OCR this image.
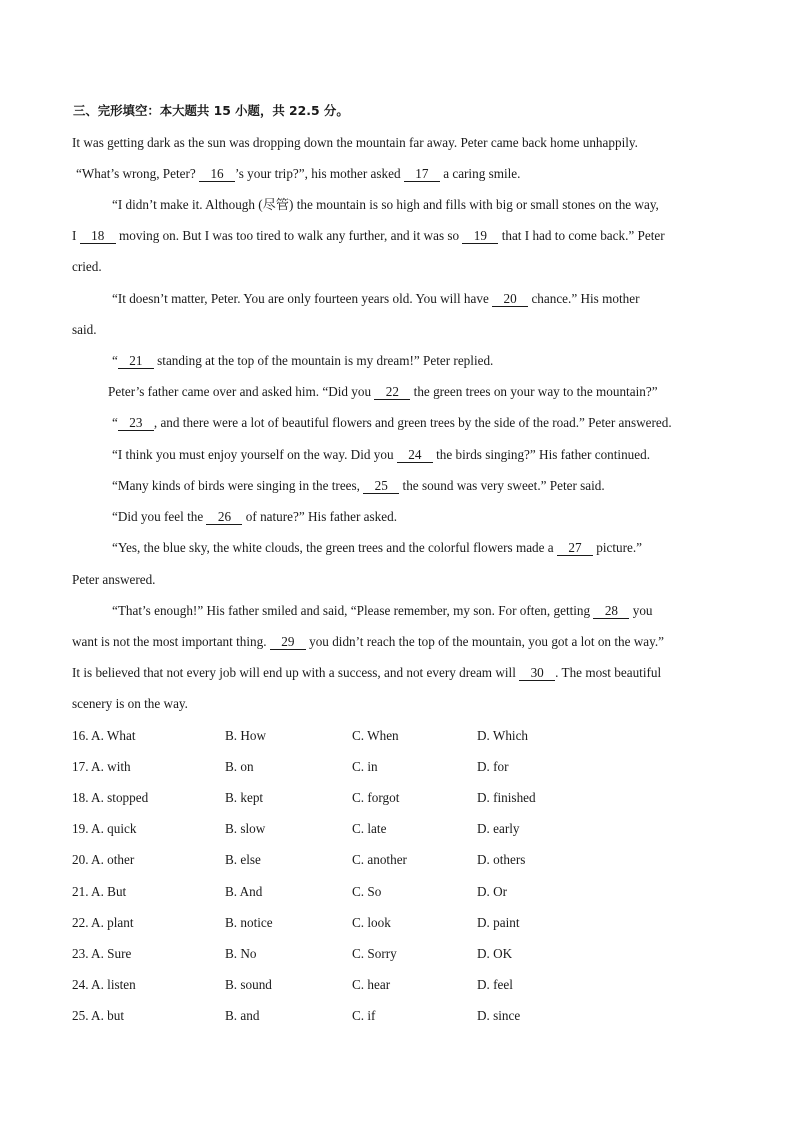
三、完形填空：本大题共 15 小题，共 22.5 分。
It was getting dark as the sun was dropping down the mountain far away. Peter came back home unhappily.
“What’s wrong, Peter? 16 ’s your trip?”, his mother asked 17 a caring smile.
“I didn’t make it. Although (尽管) the mountain is so high and fills with big or small stones on the way,
I 18 moving on. But I was too tired to walk any further, and it was so 19 that I had to come back.” Peter
cried.
“It doesn’t matter, Peter. You are only fourteen years old. You will have 20 chance.” His mother
said.
“ 21 standing at the top of the mountain is my dream!” Peter replied.
Peter’s father came over and asked him. “Did you 22 the green trees on your way to the mountain?”
“ 23 , and there were a lot of beautiful flowers and green trees by the side of the road.” Peter answered.
“I think you must enjoy yourself on the way. Did you 24 the birds singing?” His father continued.
“Many kinds of birds were singing in the trees, 25 the sound was very sweet.” Peter said.
“Did you feel the 26 of nature?” His father asked.
“Yes, the blue sky, the white clouds, the green trees and the colorful flowers made a 27 picture.”
Peter answered.
“That’s enough!” His father smiled and said, “Please remember, my son. For often, getting 28 you
want is not the most important thing. 29 you didn’t reach the top of the mountain, you got a lot on the way.”
It is believed that not every job will end up with a success, and not every dream will 30 . The most beautiful
scenery is on the way.
16. A. What	B. How	C. When	D. Which
17. A. with	B. on	C. in	D. for
18. A. stopped	B. kept	C. forgot	D. finished
19. A. quick	B. slow	C. late	D. early
20. A. other	B. else	C. another	D. others
21. A. But	B. And	C. So	D. Or
22. A. plant	B. notice	C. look	D. paint
23. A. Sure	B. No	C. Sorry	D. OK
24. A. listen	B. sound	C. hear	D. feel
25. A. but	B. and	C. if	D. since
